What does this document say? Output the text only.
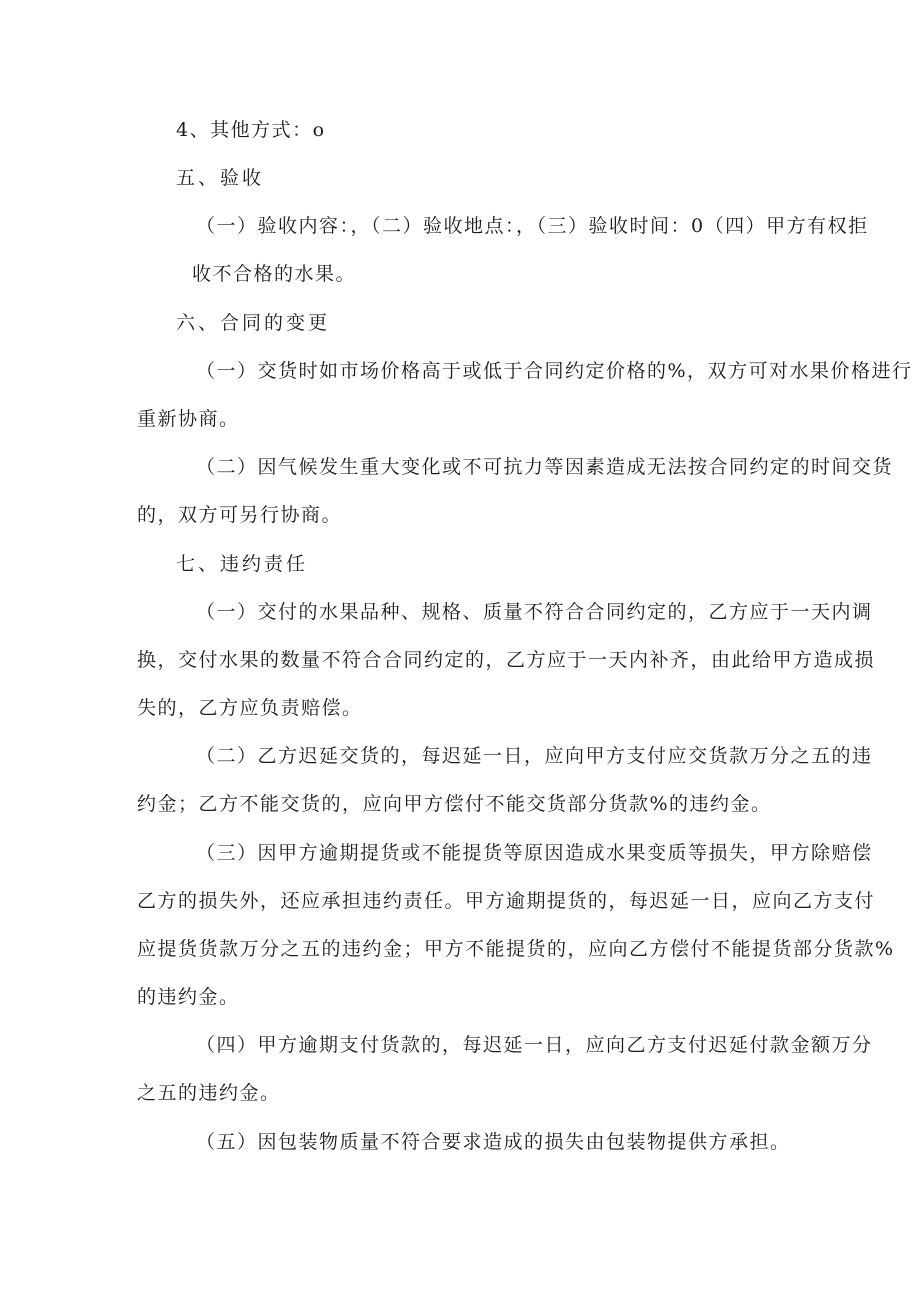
4、其他方式：o
五、验收
（一）验收内容：，（二）验收地点：，（三）验收时间：0（四）甲方有权拒
收不合格的水果。
六、合同的变更
（一）交货时如市场价格高于或低于合同约定价格的%，双方可对水果价格进行
重新协商。
（二）因气候发生重大变化或不可抗力等因素造成无法按合同约定的时间交货
的，双方可另行协商。
七、违约责任
（一）交付的水果品种、规格、质量不符合合同约定的，乙方应于一天内调
换，交付水果的数量不符合合同约定的，乙方应于一天内补齐，由此给甲方造成损
失的，乙方应负责赔偿。
（二）乙方迟延交货的，每迟延一日，应向甲方支付应交货款万分之五的违
约金；乙方不能交货的，应向甲方偿付不能交货部分货款%的违约金。
（三）因甲方逾期提货或不能提货等原因造成水果变质等损失，甲方除赔偿
乙方的损失外，还应承担违约责任。甲方逾期提货的，每迟延一日，应向乙方支付
应提货货款万分之五的违约金；甲方不能提货的，应向乙方偿付不能提货部分货款%
的违约金。
（四）甲方逾期支付货款的，每迟延一日，应向乙方支付迟延付款金额万分
之五的违约金。
（五）因包装物质量不符合要求造成的损失由包装物提供方承担。
